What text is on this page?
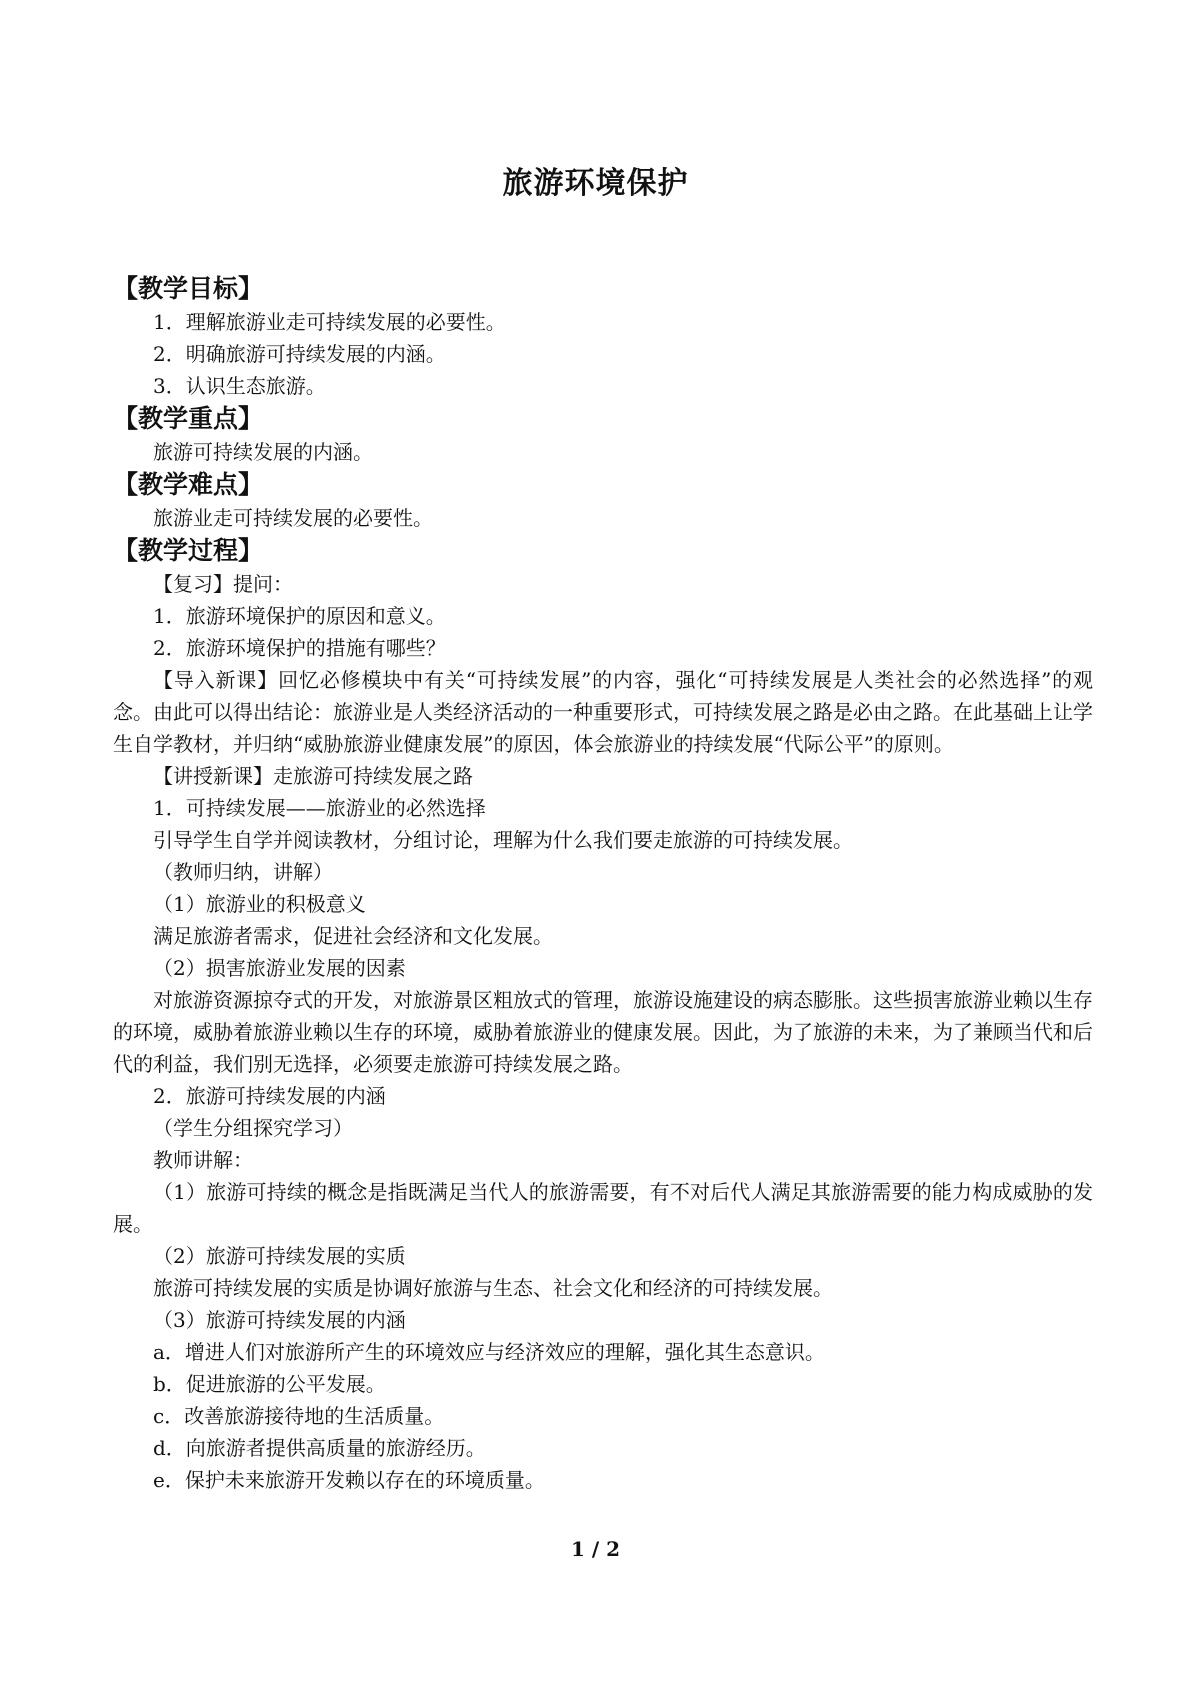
旅游环境保护
【教学目标】

1．理解旅游业走可持续发展的必要性。

2．明确旅游可持续发展的内涵。

3．认识生态旅游。

【教学重点】

旅游可持续发展的内涵。

【教学难点】

旅游业走可持续发展的必要性。

【教学过程】

【复习】提问：

1．旅游环境保护的原因和意义。

2．旅游环境保护的措施有哪些？

【导入新课】回忆必修模块中有关“可持续发展”的内容，强化“可持续发展是人类社会的必然选择”的观念。由此可以得出结论：旅游业是人类经济活动的一种重要形式，可持续发展之路是必由之路。在此基础上让学生自学教材，并归纳“威胁旅游业健康发展”的原因，体会旅游业的持续发展“代际公平”的原则。

【讲授新课】走旅游可持续发展之路

1．可持续发展——旅游业的必然选择

引导学生自学并阅读教材，分组讨论，理解为什么我们要走旅游的可持续发展。

（教师归纳，讲解）

（1）旅游业的积极意义

满足旅游者需求，促进社会经济和文化发展。

（2）损害旅游业发展的因素

对旅游资源掠夺式的开发，对旅游景区粗放式的管理，旅游设施建设的病态膨胀。这些损害旅游业赖以生存的环境，威胁着旅游业赖以生存的环境，威胁着旅游业的健康发展。因此，为了旅游的未来，为了兼顾当代和后代的利益，我们别无选择，必须要走旅游可持续发展之路。

2．旅游可持续发展的内涵

（学生分组探究学习）

教师讲解：

（1）旅游可持续的概念是指既满足当代人的旅游需要，有不对后代人满足其旅游需要的能力构成威胁的发展。

（2）旅游可持续发展的实质

旅游可持续发展的实质是协调好旅游与生态、社会文化和经济的可持续发展。

（3）旅游可持续发展的内涵

a．增进人们对旅游所产生的环境效应与经济效应的理解，强化其生态意识。

b．促进旅游的公平发展。

c．改善旅游接待地的生活质量。

d．向旅游者提供高质量的旅游经历。

e．保护未来旅游开发赖以存在的环境质量。

1 / 2
